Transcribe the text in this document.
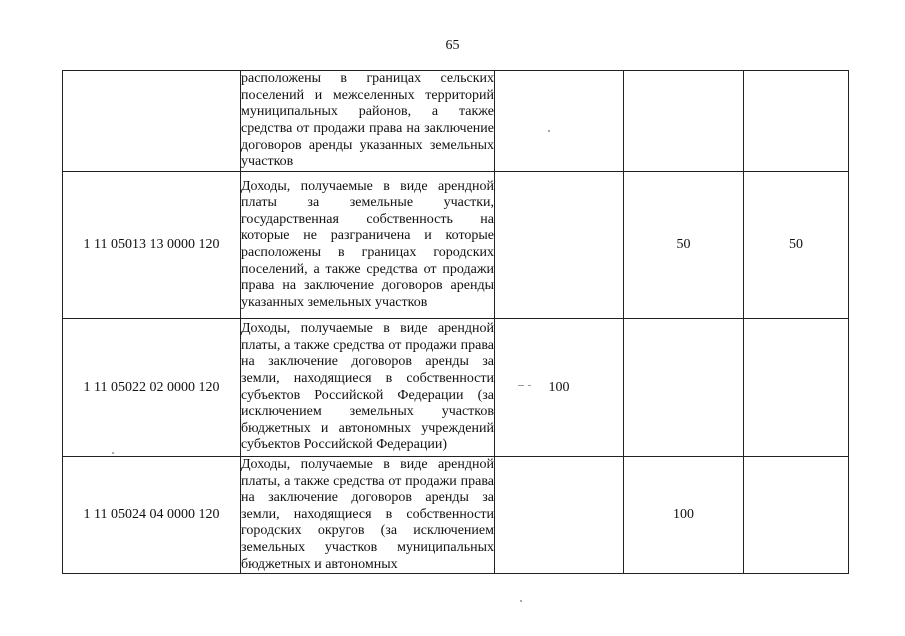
65
	расположены в границах сельских поселений и межселенных территорий муниципальных районов, а также средства от продажи права на заключение договоров аренды указанных земельных участков			
1 11 05013 13 0000 120	Доходы, получаемые в виде арендной платы за земельные участки, государственная собственность на которые не разграничена и которые расположены в границах городских поселений, а также средства от продажи права на заключение договоров аренды указанных земельных участков		50	50
1 11 05022 02 0000 120	Доходы, получаемые в виде арендной платы, а также средства от продажи права на заключение договоров аренды за земли, находящиеся в собственности субъектов Российской Федерации (за исключением земельных участков бюджетных и автономных учреждений субъектов Российской Федерации)	100		
1 11 05024 04 0000 120	Доходы, получаемые в виде арендной платы, а также средства от продажи права на заключение договоров аренды за земли, находящиеся в собственности городских округов (за исключением земельных участков муниципальных бюджетных и автономных		100	
